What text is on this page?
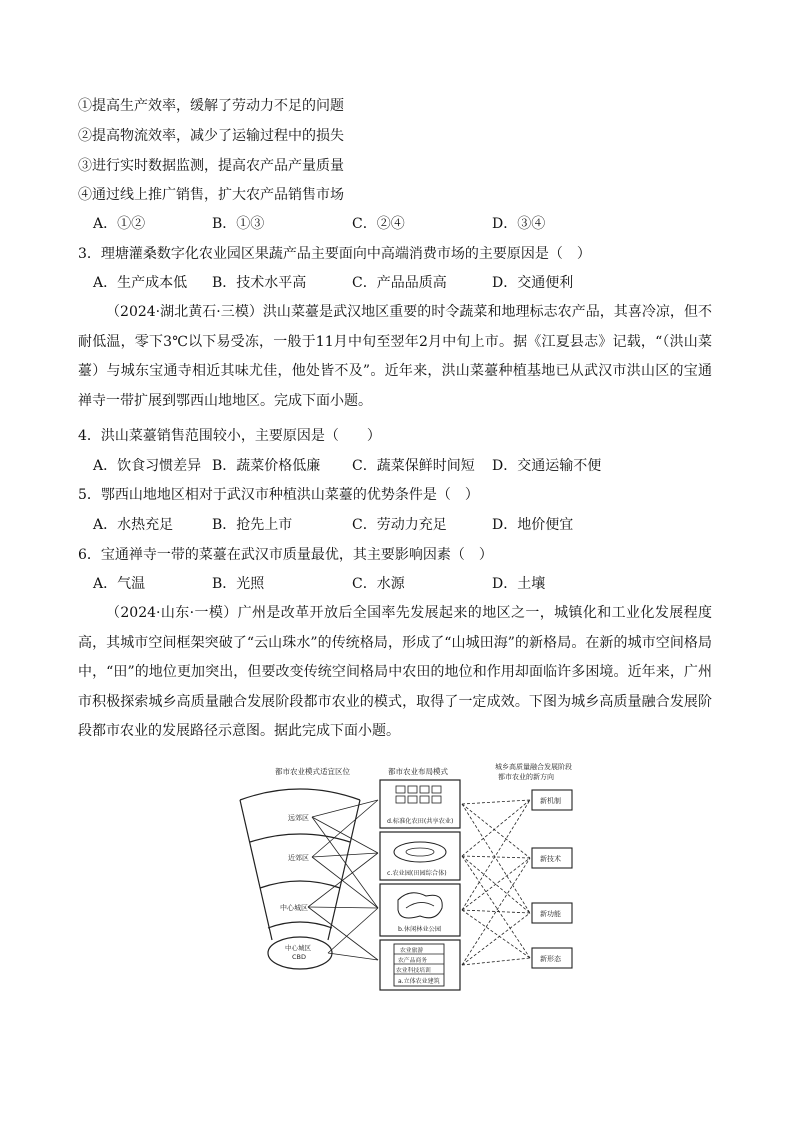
①提高生产效率，缓解了劳动力不足的问题
②提高物流效率，减少了运输过程中的损失
③进行实时数据监测，提高农产品产量质量
④通过线上推广销售，扩大农产品销售市场
A．①②	B．①③	C．②④	D．③④
3．理塘灌桑数字化农业园区果蔬产品主要面向中高端消费市场的主要原因是（　）
A．生产成本低 B．技术水平高	C．产品品质高	D．交通便利
（2024·湖北黄石·三模）洪山菜薹是武汉地区重要的时令蔬菜和地理标志农产品，其喜冷凉，但不耐低温，零下3℃以下易受冻，一般于11月中旬至翌年2月中旬上市。据《江夏县志》记载，“（洪山菜薹）与城东宝通寺相近其味尤佳，他处皆不及”。近年来，洪山菜薹种植基地已从武汉市洪山区的宝通禅寺一带扩展到鄂西山地地区。完成下面小题。
4．洪山菜薹销售范围较小，主要原因是（　　）
A．饮食习惯差异 B．蔬菜价格低廉 C．蔬菜保鲜时间短 D．交通运输不便
5．鄂西山地地区相对于武汉市种植洪山菜薹的优势条件是（　）
A．水热充足	B．抢先上市	C．劳动力充足	D．地价便宜
6．宝通禅寺一带的菜薹在武汉市质量最优，其主要影响因素（　）
A．气温	B．光照	C．水源	D．土壤
（2024·山东·一模）广州是改革开放后全国率先发展起来的地区之一，城镇化和工业化发展程度高，其城市空间框架突破了“云山珠水”的传统格局，形成了“山城田海”的新格局。在新的城市空间格局中，“田”的地位更加突出，但要改变传统空间格局中农田的地位和作用却面临许多困境。近年来，广州市积极探索城乡高质量融合发展阶段都市农业的模式，取得了一定成效。下图为城乡高质量融合发展阶段都市农业的发展路径示意图。据此完成下面小题。
都市农业模式适宜区位	都市农业布局模式	城乡高质量融合发展阶段
都市农业的新方向
远郊区
近郊区
中心城区
中心城区
CBD
d.标准化农田(共享农业)
c.农业园(田园综合体)
b.休闲林业公园
农业旅游
农产品商务
农业科技培训
a.立体农业建筑
新机制
新技术
新功能
新形态
